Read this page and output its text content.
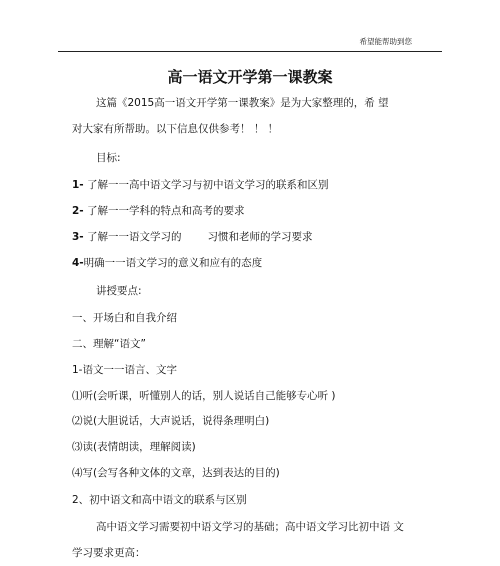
希望能帮助到您
高一语文开学第一课教案
这篇《2015高一语文开学第一课教案》是为大家整理的，希 望
对大家有所帮助。以下信息仅供参考！ ！ ！
目标:
1- 了解一一高中语文学习与初中语文学习的联系和区别
2- 了解一一学科的特点和高考的要求
3- 了解一一语文学习的 习惯和老师的学习要求
4-明确一一语文学习的意义和应有的态度
讲授要点:
一、开场白和自我介绍
二、理解“语文”
1-语文一一语言、文字
⑴听(会听课，听懂别人的话，别人说话自己能够专心听 )
⑵说(大胆说话，大声说话，说得条理明白)
⑶读(表情朗读，理解阅读)
⑷写(会写各种文体的文章，达到表达的目的)
2、初中语文和高中语文的联系与区别
高中语文学习需要初中语文学习的基础；高中语文学习比初中语 文
学习要求更高：
